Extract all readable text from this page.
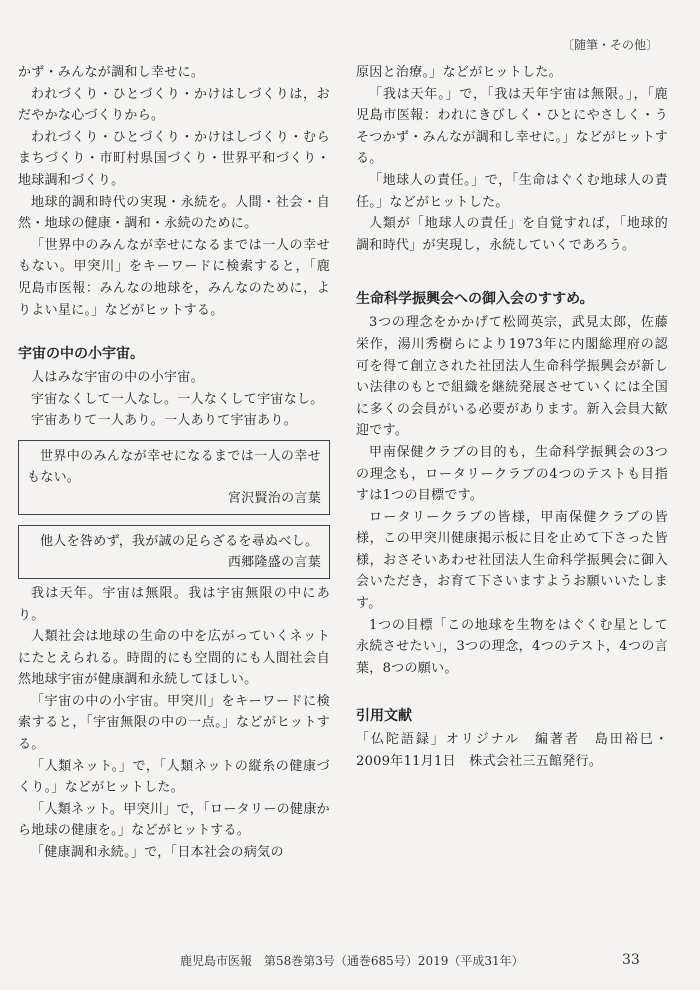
〔随筆・その他〕

かず・みんなが調和し幸せに。

われづくり・ひとづくり・かけはしづくりは，おだやかな心づくりから。

われづくり・ひとづくり・かけはしづくり・むらまちづくり・市町村県国づくり・世界平和づくり・地球調和づくり。

地球的調和時代の実現・永続を。人間・社会・自然・地球の健康・調和・永続のために。

「世界中のみんなが幸せになるまでは一人の幸せもない。甲突川」をキーワードに検索すると，「鹿児島市医報：みんなの地球を，みんなのために，よりよい星に。」などがヒットする。

宇宙の中の小宇宙。

人はみな宇宙の中の小宇宙。

宇宙なくして一人なし。一人なくして宇宙なし。

宇宙ありて一人あり。一人ありて宇宙あり。

世界中のみんなが幸せになるまでは一人の幸せもない。

宮沢賢治の言葉

他人を咎めず，我が誠の足らざるを尋ぬべし。

西郷隆盛の言葉

我は天年。宇宙は無限。我は宇宙無限の中にあり。

人類社会は地球の生命の中を広がっていくネットにたとえられる。時間的にも空間的にも人間社会自然地球宇宙が健康調和永続してほしい。

「宇宙の中の小宇宙。甲突川」をキーワードに検索すると，「宇宙無限の中の一点。」などがヒットする。

「人類ネット。」で，「人類ネットの縦糸の健康づくり。」などがヒットした。

「人類ネット。甲突川」で，「ロータリーの健康から地球の健康を。」などがヒットする。

「健康調和永続。」で，「日本社会の病気の

原因と治療。」などがヒットした。

「我は天年。」で，「我は天年宇宙は無限。」，「鹿児島市医報：われにきびしく・ひとにやさしく・うそつかず・みんなが調和し幸せに。」などがヒットする。

「地球人の責任。」で，「生命はぐくむ地球人の責任。」などがヒットした。

人類が「地球人の責任」を自覚すれば，「地球的調和時代」が実現し，永続していくであろう。

生命科学振興会への御入会のすすめ。

3つの理念をかかげて松岡英宗，武見太郎，佐藤栄作，湯川秀樹らにより1973年に内閣総理府の認可を得て創立された社団法人生命科学振興会が新しい法律のもとで組織を継続発展させていくには全国に多くの会員がいる必要があります。新入会員大歓迎です。

甲南保健クラブの目的も，生命科学振興会の3つの理念も，ロータリークラブの4つのテストも目指すは1つの目標です。

ロータリークラブの皆様，甲南保健クラブの皆様，この甲突川健康掲示板に目を止めて下さった皆様，おさそいあわせ社団法人生命科学振興会に御入会いただき，お育て下さいますようお願いいたします。

1つの目標「この地球を生物をはぐくむ星として永続させたい」，3つの理念，4つのテスト，4つの言葉，8つの願い。

引用文献

「仏陀語録」オリジナル　編著者　島田裕巳・2009年11月1日　株式会社三五館発行。

鹿児島市医報　第58巻第3号（通巻685号）2019（平成31年）	33
